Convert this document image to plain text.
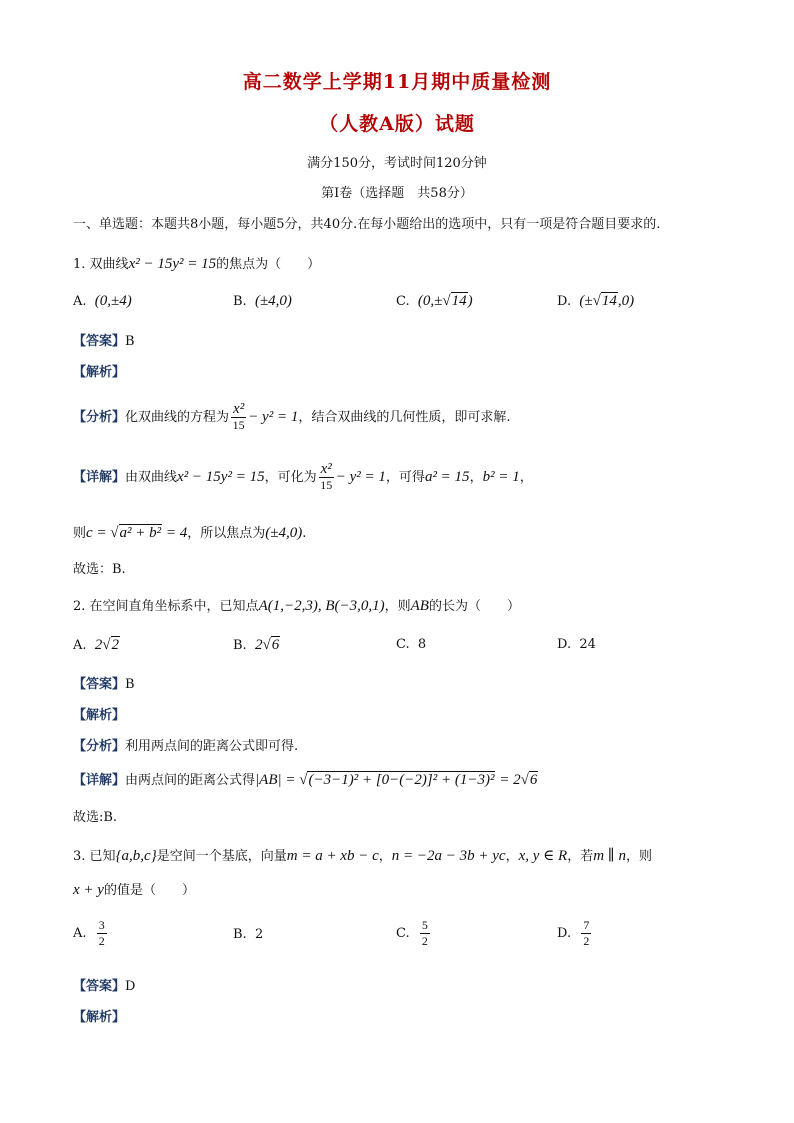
高二数学上学期11月期中质量检测
（人教A版）试题
满分150分，考试时间120分钟
第Ⅰ卷（选择题　共58分）
一、单选题：本题共8小题，每小题5分，共40分.在每小题给出的选项中，只有一项是符合题目要求的.
1. 双曲线x² − 15y² = 15的焦点为（　　）
A. (0,±4)	B. (±4,0)	C. (0,±√14)	D. (±√14,0)
【答案】B
【解析】
【分析】化双曲线的方程为 $\frac{\text{x²}}{15} - y^2 = 1$，结合双曲线的几何性质，即可求解.
【详解】由双曲线x² − 15y² = 15，可化为 $\frac{\text{x²}}{15} - y^2 = 1$，可得a² = 15，b² = 1，
则c = √a² + b² = 4，所以焦点为(±4,0).
故选：B.
2. 在空间直角坐标系中，已知点A(1,−2,3), B(−3,0,1)，则AB的长为（　　）
A. 2√2	B. 2√6	C. 8	D. 24
【答案】B
【解析】
【分析】利用两点间的距离公式即可得.
【详解】由两点间的距离公式得|AB| = √(−3−1)² + [0−(−2)]² + (1−3)² = 2√6
故选:B.
3. 已知{a,b,c}是空间一个基底，向量m = a + xb − c，n = −2a − 3b + yc，x, y ∈ R，若m ∥ n，则
x + y的值是（　　）
A. $\frac{3}{2}$	B. 2	C. $\frac{5}{2}$	D. $\frac{7}{2}$
【答案】D
【解析】
